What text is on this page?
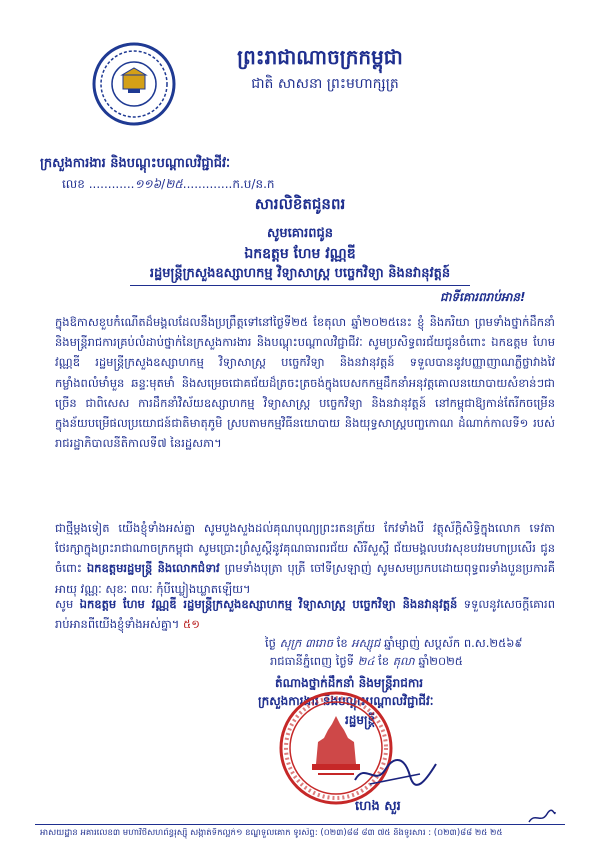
ព្រះរាជាណាចក្រកម្ពុជា
ជាតិ សាសនា ព្រះមហាក្សត្រ
ក្រសួងការងារ និងបណ្តុះបណ្តាលវិជ្ជាជីវៈ
លេខ ............១១៦/២៥.............ក.ប/ន.ក
សារលិខិតជូនពរ
សូមគោរពជូន
ឯកឧត្តម ហែម វណ្ណឌី
រដ្ឋមន្ត្រីក្រសួងឧស្សាហកម្ម វិទ្យាសាស្ត្រ បច្ចេកវិទ្យា និងនវានុវត្តន៍
ជាទីគោរពរាប់អាន!
ក្នុងឱកាសខួបកំណើតដ៏មង្គលដែលនឹងប្រព្រឹត្តទៅនៅថ្ងៃទី២៥ ខែតុលា ឆ្នាំ២០២៥នេះ ខ្ញុំ និងភរិយា ព្រមទាំងថ្នាក់ដឹកនាំ និងមន្ត្រីរាជការគ្រប់លំដាប់ថ្នាក់នៃក្រសួងការងារ និងបណ្តុះបណ្តាលវិជ្ជាជីវៈ សូមប្រសិទ្ធពរជ័យជូនចំពោះ ឯកឧត្តម ហែម វណ្ណឌី រដ្ឋមន្ត្រីក្រសួងឧស្សាហកម្ម វិទ្យាសាស្ត្រ បច្ចេកវិទ្យា និងនវានុវត្តន៍ ទទួលបាននូវបញ្ញាញាណភ្លឺថ្លាវាងវៃ កម្លាំងពលំមាំមួន ឆន្ទៈមុតមាំ និងសម្រេចជោគជ័យដ៏ត្រចះត្រចង់ក្នុងបេសកកម្មដឹកនាំអនុវត្តគោលនយោបាយសំខាន់ៗជាច្រើន ជាពិសេស ការដឹកនាំវិស័យឧស្សាហកម្ម វិទ្យាសាស្ត្រ បច្ចេកវិទ្យា និងនវានុវត្តន៍ នៅកម្ពុជាឱ្យកាន់តែរីកចម្រើន ក្នុងន័យបម្រើផលប្រយោជន៍ជាតិមាតុភូមិ ស្របតាមកម្មវិធីនយោបាយ និងយុទ្ធសាស្ត្របញ្ចកោណ ដំណាក់កាលទី១ របស់រាជរដ្ឋាភិបាលនីតិកាលទី៧ នៃរដ្ឋសភា។
ជាថ្មីម្តងទៀត យើងខ្ញុំទាំងអស់គ្នា សូមបួងសួងដល់គុណបុណ្យព្រះរតនត្រ័យ កែវទាំងបី វត្ថុស័ក្តិសិទ្ធិក្នុងលោក ទេវតាថែរក្សាក្នុងព្រះរាជាណាចក្រកម្ពុជា សូមប្រោះព្រំសួស្តីនូវគុណធារពរជ័យ សិរីសួស្តី ជ័យមង្គលបវរសុខបវរមហាប្រសើរ ជូនចំពោះ ឯកឧត្តមរដ្ឋមន្ត្រី និងលោកជំទាវ ព្រមទាំងបុត្រា បុត្រី ចៅទីស្រឡាញ់ សូមសមប្រកបដោយពុទ្ធពរទាំងបួនប្រការគឺ អាយុ វណ្ណៈ សុខៈ ពលៈ កុំបីឃ្លៀងឃ្លាតឡើយ។
សូម ឯកឧត្តម ហែម វណ្ណឌី រដ្ឋមន្ត្រីក្រសួងឧស្សាហកម្ម វិទ្យាសាស្ត្រ បច្ចេកវិទ្យា និងនវានុវត្តន៍ ទទួលនូវសេចក្តីគោរពរាប់អានពីយើងខ្ញុំទាំងអស់គ្នា។ ៥១
ថ្ងៃ សុក្រ ៣រោច ខែ អស្សុជ ឆ្នាំម្សាញ់ សប្តស័ក ព.ស.២៥៦៩
រាជធានីភ្នំពេញ ថ្ងៃទី ២៤ ខែ តុលា ឆ្នាំ២០២៥
តំណាងថ្នាក់ដឹកនាំ និងមន្ត្រីរាជការ
ក្រសួងការងារ និងបណ្តុះបណ្តាលវិជ្ជាជីវៈ
រដ្ឋមន្ត្រី
ហេង សួរ
អាសយដ្ឋាន អគារលេខ៣ មហាវិថីសហព័ន្ធរុស្ស៊ី សង្កាត់ទឹកល្អក់១ ខណ្ឌទួលគោក ទូរស័ព្ទ: (០២៣)៨៨ ៨៣ ៧៥ និងទូរសារ : (០២៣)៨៨ ២៥ ២៥
